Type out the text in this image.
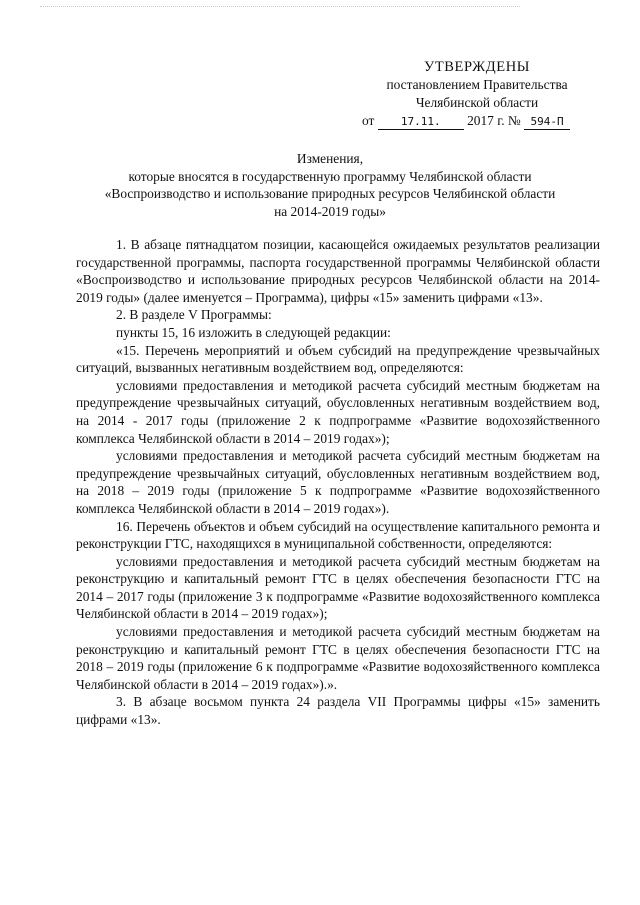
УТВЕРЖДЕНЫ
постановлением Правительства
Челябинской области
от 17.11. 2017 г. № 594-П
Изменения,
которые вносятся в государственную программу Челябинской области
«Воспроизводство и использование природных ресурсов Челябинской области
на 2014-2019 годы»

1. В абзаце пятнадцатом позиции, касающейся ожидаемых результатов реализации государственной программы, паспорта государственной программы Челябинской области «Воспроизводство и использование природных ресурсов Челябинской области на 2014-2019 годы» (далее именуется – Программа), цифры «15» заменить цифрами «13».

2. В разделе V Программы:

пункты 15, 16 изложить в следующей редакции:

«15. Перечень мероприятий и объем субсидий на предупреждение чрезвычайных ситуаций, вызванных негативным воздействием вод, определяются:

условиями предоставления и методикой расчета субсидий местным бюджетам на предупреждение чрезвычайных ситуаций, обусловленных негативным воздействием вод, на 2014 - 2017 годы (приложение 2 к подпрограмме «Развитие водохозяйственного комплекса Челябинской области в 2014 – 2019 годах»);

условиями предоставления и методикой расчета субсидий местным бюджетам на предупреждение чрезвычайных ситуаций, обусловленных негативным воздействием вод, на 2018 – 2019 годы (приложение 5 к подпрограмме «Развитие водохозяйственного комплекса Челябинской области в 2014 – 2019 годах»).

16. Перечень объектов и объем субсидий на осуществление капитального ремонта и реконструкции ГТС, находящихся в муниципальной собственности, определяются:

условиями предоставления и методикой расчета субсидий местным бюджетам на реконструкцию и капитальный ремонт ГТС в целях обеспечения безопасности ГТС на 2014 – 2017 годы (приложение 3 к подпрограмме «Развитие водохозяйственного комплекса Челябинской области в 2014 – 2019 годах»);

условиями предоставления и методикой расчета субсидий местным бюджетам на реконструкцию и капитальный ремонт ГТС в целях обеспечения безопасности ГТС на 2018 – 2019 годы (приложение 6 к подпрограмме «Развитие водохозяйственного комплекса Челябинской области в 2014 – 2019 годах»).».

3. В абзаце восьмом пункта 24 раздела VII Программы цифры «15» заменить цифрами «13».
